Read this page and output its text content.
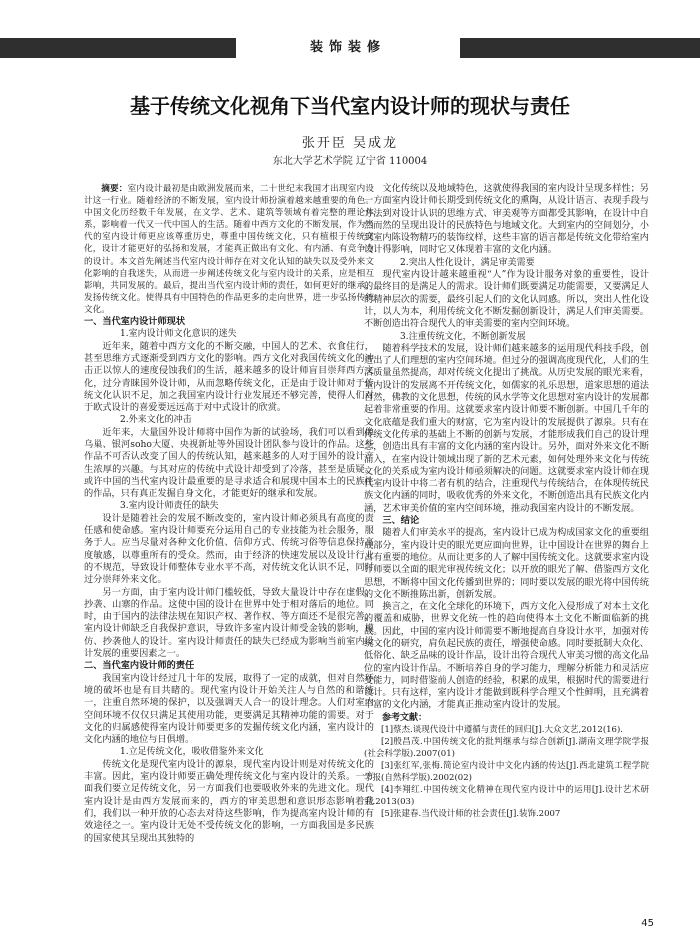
装饰装修
基于传统文化视角下当代室内设计师的现状与责任
张开臣 吴成龙
东北大学艺术学院 辽宁省 110004

摘要：室内设计最初是由欧洲发展而来，二十世纪末我国才出现室内设计这一行业。随着经济的不断发展，室内设计师扮演着越来越重要的角色。中国文化历经数千年发展，在文学、艺术、建筑等领域有着完整的理论体系，影响着一代又一代中国人的生活。随着中西方文化的不断发展，作为当代的室内设计师更应该尊重历史，尊重中国传统文化，只有植根于传统文化，设计才能更好的弘扬和发展，才能真正做出有文化、有内涵、有竞争力的设计。本文首先阐述当代室内设计师存在对文化认知的缺失以及受外来文化影响的自我迷失，从而进一步阐述传统文化与室内设计的关系，应是相互影响，共同发展的。最后，提出当代室内设计师的责任，如何更好的继承，发扬传统文化。使得具有中国特色的作品更多的走向世界，进一步弘扬传统文化。

一、当代室内设计师现状

1.室内设计师文化意识的迷失

近年来，随着中西方文化的不断交融，中国人的艺术、衣食住行，甚至思维方式逐渐受到西方文化的影响。西方文化对我国传统文化的冲击正以惊人的速度侵蚀我们的生活，越来越多的设计师盲目崇拜西方文化，过分青睐国外设计师，从而忽略传统文化，正是由于设计师对于传统文化认识不足，加之我国室内设计行业发展还不够完善，使得人们对于欧式设计的喜爱要远远高于对中式设计的欣赏。

2.外来文化的冲击

近年来，大量国外设计师将中国作为新的试验场，我们可以看到像乌巢、银河soho大厦、央视新址等外国设计团队参与设计的作品。这些作品不可否认改变了国人的传统认知，越来越多的人对于国外的设计产生浓厚的兴趣。与其对应的传统中式设计却受到了冷落，甚至是质疑。或许中国的当代室内设计最重要的是寻求适合和展现中国本土的民族性的作品，只有真正发掘自身文化，才能更好的继承和发展。

3.室内设计师责任的缺失

设计是随着社会的发展不断改变的，室内设计师必须具有高度的责任感和使命感。室内设计师要充分运用自己的专业技能为社会服务，服务于人。应当尽量对各种文化价值、信仰方式、传统习俗等信息保持高度敏感，以尊重所有的受众。然而，由于经济的快速发展以及设计行业的不规范，导致设计师整体专业水平不高，对传统文化认识不足，同时过分崇拜外来文化。

另一方面，由于室内设计师门槛较低，导致大量设计中存在虚假、抄袭、山寨的作品。这使中国的设计在世界中处于相对落后的地位。同时，由于国内的法律法规在知识产权、著作权、等方面还不是很完善，室内设计师缺乏自我保护意识，导致许多室内设计师受金钱的影响，模仿、抄袭他人的设计。室内设计师责任的缺失已经成为影响当前室内设计发展的重要因素之一。

二、当代室内设计师的责任

我国室内设计经过几十年的发展，取得了一定的成就，但对自然环境的破坏也是有目共睹的。现代室内设计开始关注人与自然的和谐统一，注重自然环境的保护，以及强调天人合一的设计理念。人们对室内空间环境不仅仅只满足其使用功能，更要满足其精神功能的需要。对于文化的归属感使得室内设计师要更多的发掘传统文化内涵，室内设计的文化内涵的地位与日俱增。

1.立足传统文化，吸收借鉴外来文化

传统文化是现代室内设计的源泉，现代室内设计则是对传统文化的丰富。因此，室内设计师要正确处理传统文化与室内设计的关系。一方面我们要立足传统文化，另一方面我们也要吸收外来的先进文化。现代室内设计是由西方发展而来的，西方的审美思想和意识形态影响着我们，我们以一种开放的心态去对待这些影响，作为提高室内设计师的有效途径之一。室内设计无处不受传统文化的影响，一方面我国是多民族的国家使其呈现出其独特的

文化传统以及地域特色，这就使得我国的室内设计呈现多样性；另一方面室内设计师长期受到传统文化的熏陶，从设计语言、表现手段与方法到对设计认识的思维方式、审美观等方面都受其影响，在设计中自然而然的呈现出设计的民族特色与地域文化。大到室内的空间划分，小到室内陈设物精巧的装饰纹样，这些丰富的语言都是传统文化带给室内设计得影响，同时它又体现着丰富的文化内涵。

2.突出人性化设计，满足审美需要

现代室内设计越来越重视“人”作为设计服务对象的重要性，设计的最终目的是满足人的需求。设计师们既要满足功能需要，又要满足人的精神层次的需要，最终引起人们的文化认同感。所以，突出人性化设计，以人为本，利用传统文化不断发掘创新设计，满足人们审美需要。不断创造出符合现代人的审美需要的室内空间环境。

3.注重传统文化，不断创新发展

随着科学技术的发展，设计师们越来越多的运用现代科技手段，创造出了人们理想的室内空间环境。但过分的强调高度现代化，人们的生活质量虽然提高，却对传统文化提出了挑战。从历史发展的眼光来看，室内设计的发展离不开传统文化，如儒家的礼乐思想，道家思想的道法自然，佛教的文化思想，传统的风水学等文化思想对室内设计的发展都起着非常重要的作用。这就要求室内设计师要不断创新。中国几千年的文化底蕴是我们重大的财富，它为室内设计的发展提供了源泉。只有在传统文化传承的基础上不断的创新与发展，才能形成我们自己的设计理念，创造出具有丰富的文化内涵的室内设计。另外，面对外来文化不断涌入，在室内设计领域出现了新的艺术元素，如何处理外来文化与传统文化的关系成为室内设计师亟须解决的问题。这就要求室内设计师在现代室内设计中将二者有机的结合，注重现代与传统结合，在体现传统民族文化内涵的同时，吸收优秀的外来文化，不断创造出具有民族文化内涵，艺术审美价值的室内空间环境，推动我国室内设计的不断发展。

三、结论

随着人们审美水平的提高，室内设计已成为构成国家文化的重要组成部分，室内设计史的眼光更应面向世界，让中国设计在世界的舞台上占有重要的地位。从而让更多的人了解中国传统文化。这就要求室内设计师要以全面的眼光审视传统文化；以开放的眼光了解、借鉴西方文化思想，不断将中国文化传播到世界的；同时要以发展的眼光将中国传统的文化不断推陈出新，创新发展。

换言之，在文化全球化的环境下，西方文化入侵形成了对本土文化的覆盖和威胁，世界文化统一性的趋向使得本土文化不断面临新的挑战。因此，中国的室内设计师需要不断地提高自身设计水平，加强对传统文化的研究，肩负起民族的责任，增强使命感。同时要抵制大众化、低俗化、缺乏品味的设计作品，设计出符合现代人审美习惯的高文化品位的室内设计作品。不断培养自身的学习能力，理解分析能力和灵活应变能力，同时借鉴前人创造的经验，积累的成果，根据时代的需要进行设计。只有这样，室内设计才能做到既科学合理又个性鲜明，且充满着丰富的文化内涵，才能真正推动室内设计的发展。

参考文献：

[1]蔡杰.谈现代设计中遵循与责任的回归[J].大众文艺,2012(16).

[2]殷昌茂.中国传统文化的批判继承与综合创新[J].湖南文理学院学报(社会科学版).2007(01)

[3]张红军,张梅.简论室内设计中文化内涵的传达[J].西北建筑工程学院学报(自然科学版).2002(02)

[4]李翔红.中国传统文化精神在现代室内设计中的运用[J].设计艺术研究.2013(03)

[5]张建春.当代设计师的社会责任[J].装饰.2007

45
